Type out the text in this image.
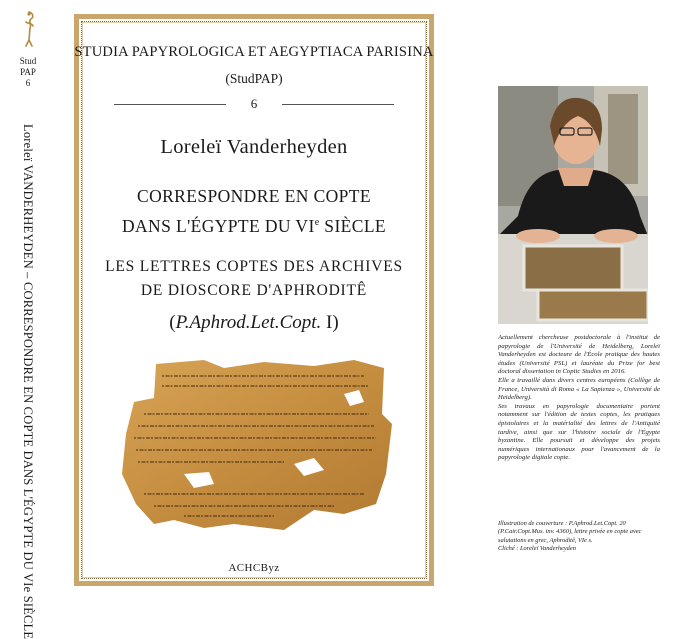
Stud
PAP
6
Loreleï VANDERHEYDEN – CORRESPONDRE EN COPTE DANS L'ÉGYPTE DU VIe SIÈCLE
STUDIA PAPYROLOGICA ET AEGYPTIACA PARISINA
(StudPAP)
6
Loreleï Vanderheyden
CORRESPONDRE EN COPTE
DANS L'ÉGYPTE DU VIe SIÈCLE
LES LETTRES COPTES DES ARCHIVES
DE DIOSCORE D'APHRODITÊ
(P.Aphrod.Let.Copt. I)
ACHCByz

Actuellement chercheuse postdoctorale à l'institut de papyrologie de l'Université de Heidelberg, Loreleï Vanderheyden est docteure de l'École pratique des hautes études (Université PSL) et lauréate du Prize for best doctoral dissertation in Coptic Studies en 2016.

Elle a travaillé dans divers centres européens (Collège de France, Università di Roma « La Sapienza », Université de Heidelberg).

Ses travaux en papyrologie documentaire portent notamment sur l'édition de textes coptes, les pratiques épistolaires et la matérialité des lettres de l'Antiquité tardive, ainsi que sur l'histoire sociale de l'Égypte byzantine. Elle poursuit et développe des projets numériques internationaux pour l'avancement de la papyrologie digitale copte.

Illustration de couverture : P.Aphrod.Let.Copt. 20 (P.Cair.Copt.Mus. inv. 4360), lettre privée en copte avec salutations en grec, Aphroditê, VIe s.

Cliché : Loreleï Vanderheyden
